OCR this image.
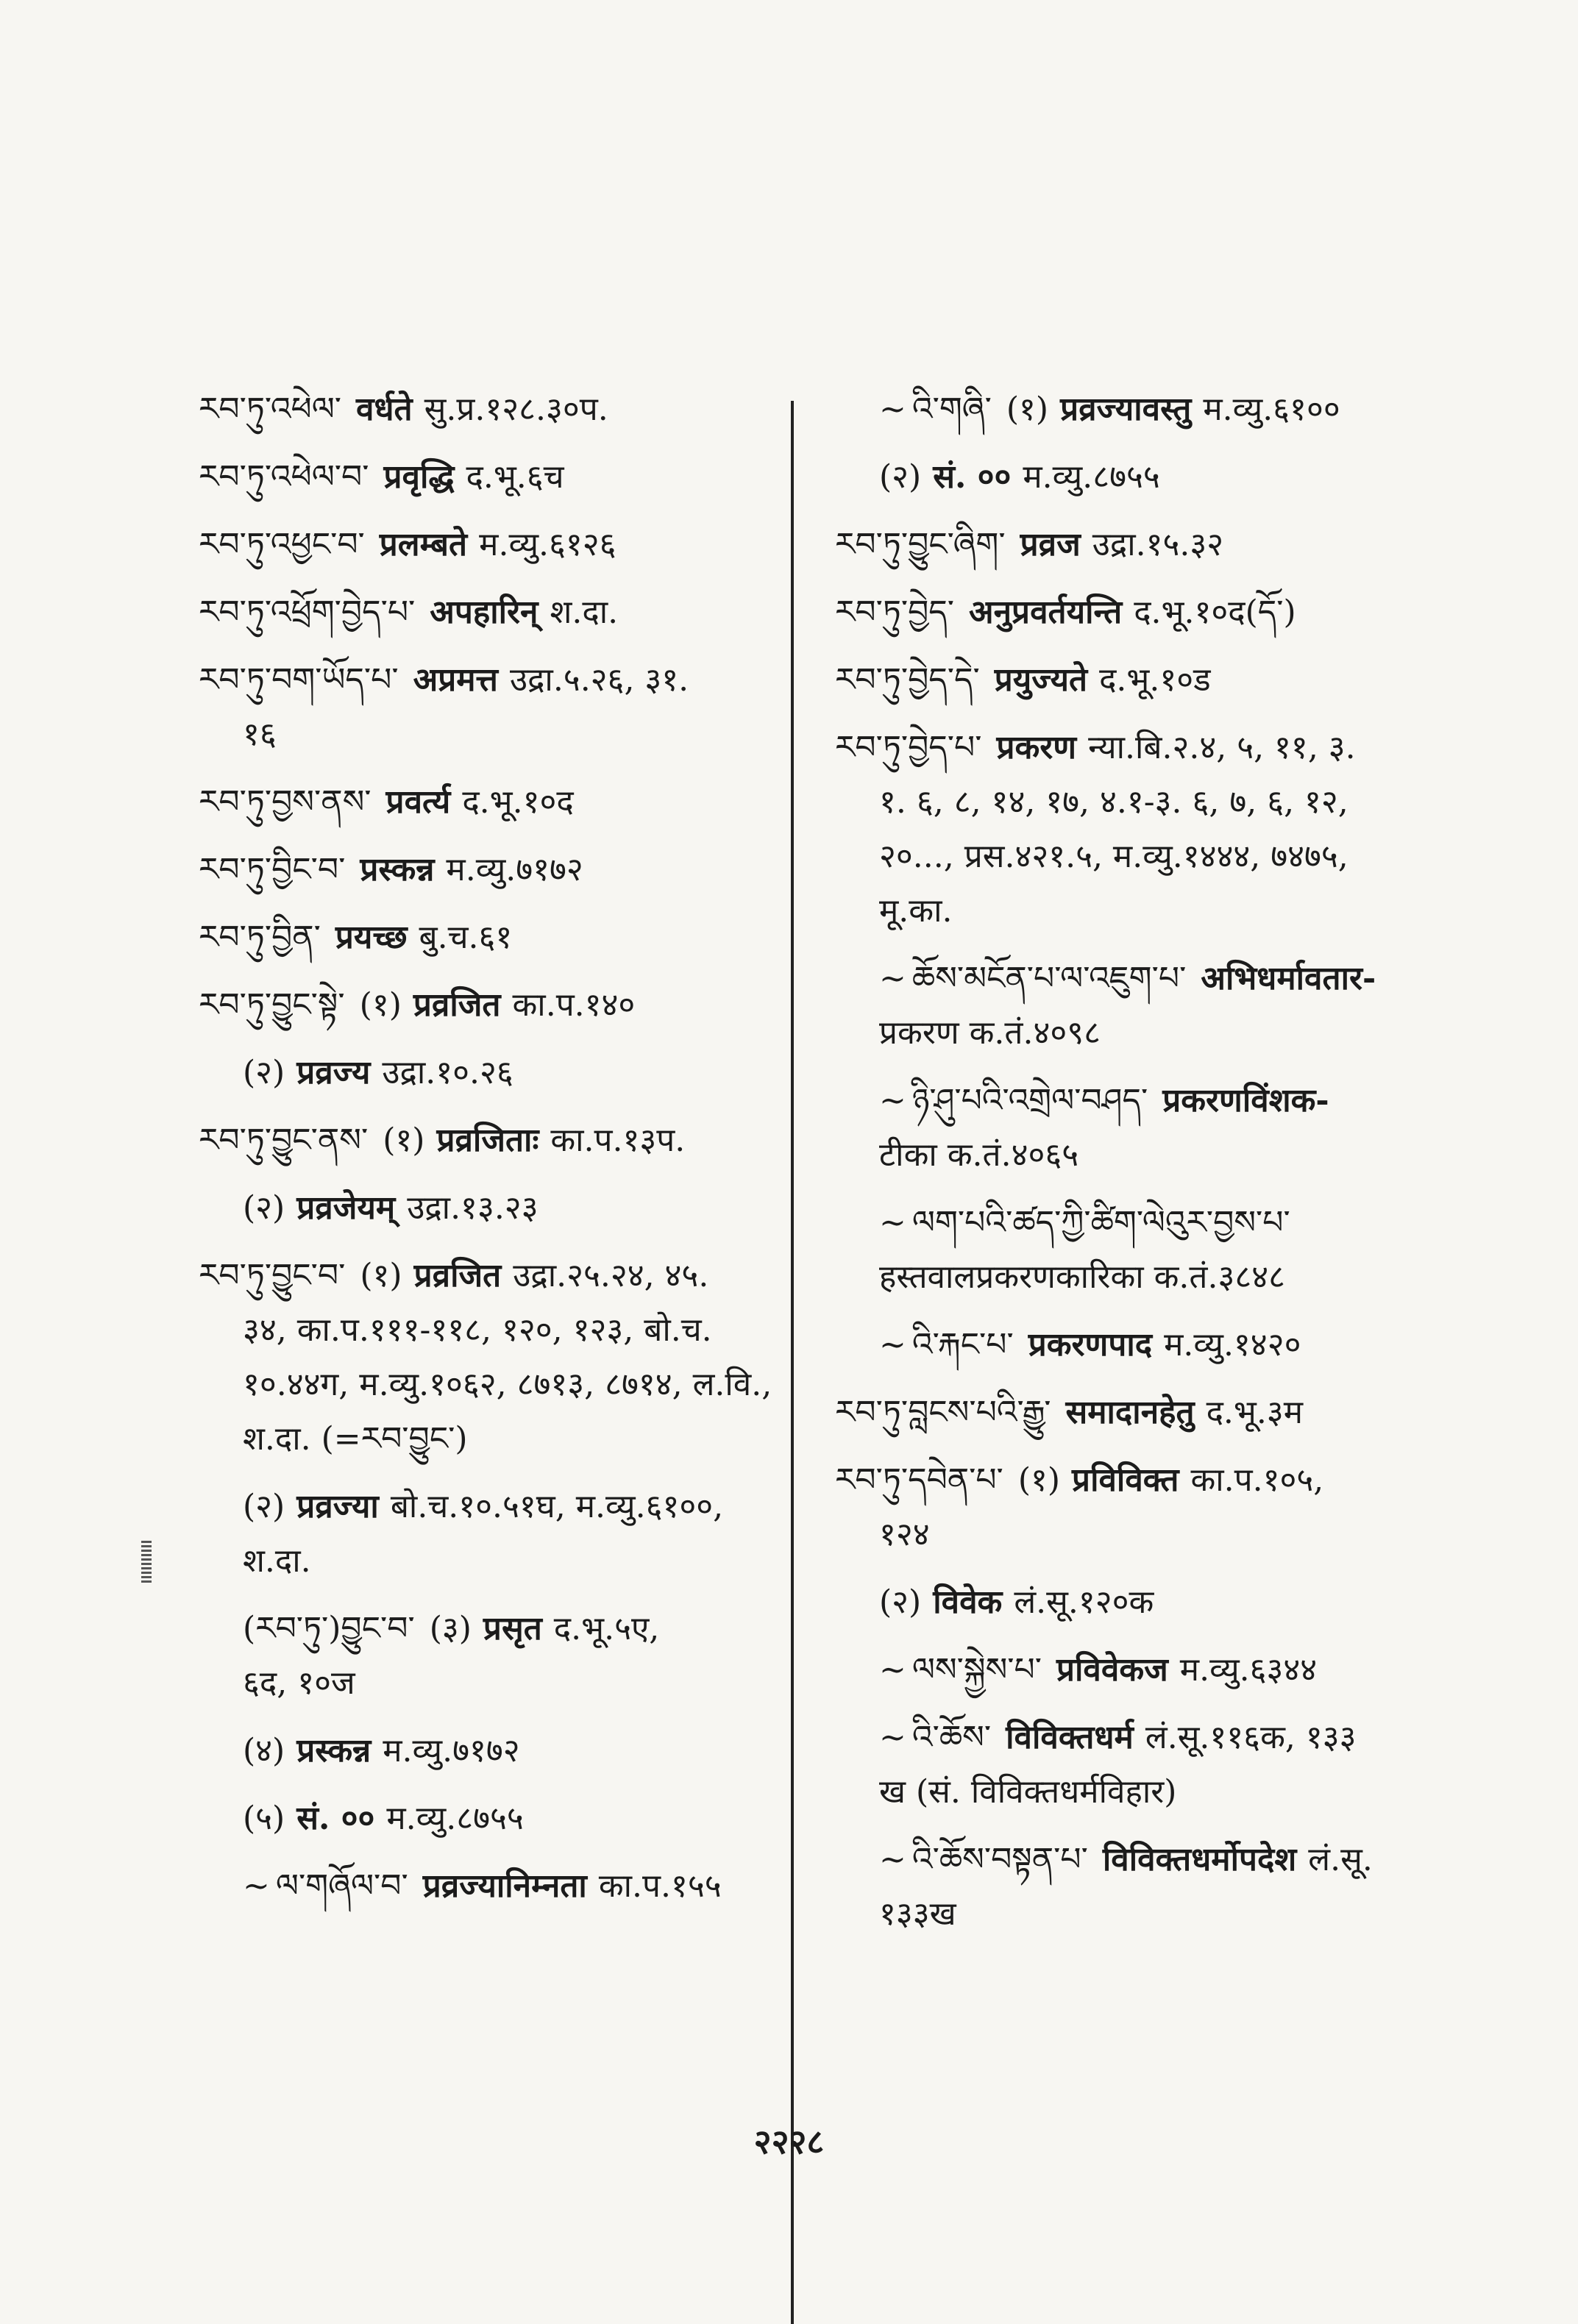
རབ་ཏུ་འཕེལ་ वर्धते सु.प्र.१२८.३०प.
རབ་ཏུ་འཕེལ་བ་ प्रवृद्धि द.भू.६च
རབ་ཏུ་འཕྱང་བ་ प्रलम्बते म.व्यु.६१२६
རབ་ཏུ་འཕྲོག་བྱེད་པ་ अपहारिन् श.दा.
རབ་ཏུ་བག་ཡོད་པ་ अप्रमत्त उद्रा.५.२६, ३१.
१६
རབ་ཏུ་བྱས་ནས་ प्रवर्त्य द.भू.१०द
རབ་ཏུ་བྱིང་བ་ प्रस्कन्न म.व्यु.७१७२
རབ་ཏུ་བྱིན་ प्रयच्छ बु.च.६१
རབ་ཏུ་བྱུང་སྟེ་ (१) प्रव्रजित का.प.१४०
(२) प्रव्रज्य उद्रा.१०.२६
རབ་ཏུ་བྱུང་ནས་ (१) प्रव्रजिताः का.प.१३प.
(२) प्रव्रजेयम् उद्रा.१३.२३
རབ་ཏུ་བྱུང་བ་ (१) प्रव्रजित उद्रा.२५.२४, ४५.
३४, का.प.१११-११८, १२०, १२३, बो.च. १०.४४ग, म.व्यु.१०६२, ८७१३, ८७१४, ल.वि., श.दा. (=རབ་བྱུང་)
(२) प्रव्रज्या बो.च.१०.५१घ, म.व्यु.६१००,
श.दा.
(རབ་ཏུ་)བྱུང་བ་ (३) प्रसृत द.भू.५ए,
६द, १०ज
(४) प्रस्कन्न म.व्यु.७१७२
(५) सं. ०० म.व्यु.८७५५
~ ལ་གཞོལ་བ་ प्रव्रज्यानिम्नता का.प.१५५
~ འི་གཞི་ (१) प्रव्रज्यावस्तु म.व्यु.६१००
(२) सं. ०० म.व्यु.८७५५
རབ་ཏུ་བྱུང་ཞིག་ प्रव्रज उद्रा.१५.३२
རབ་ཏུ་བྱེད་ अनुप्रवर्तयन्ति द.भू.१०द(དོ་)
རབ་ཏུ་བྱེད་དེ་ प्रयुज्यते द.भू.१०ड
རབ་ཏུ་བྱེད་པ་ प्रकरण न्या.बि.२.४, ५, ११, ३.
१. ६, ८, १४, १७, ४.१-३. ६, ७, ६, १२, २०..., प्रस.४२१.५, म.व्यु.१४४४, ७४७५, मू.का.
~ ཆོས་མངོན་པ་ལ་འཇུག་པ་ अभिधर्मावतार-
प्रकरण क.तं.४०९८
~ ཉི་ཤུ་པའི་འགྲེལ་བཤད་ प्रकरणविंशक-
टीका क.तं.४०६५
~ ལག་པའི་ཚད་ཀྱི་ཚིག་ལེའུར་བྱས་པ་
हस्तवालप्रकरणकारिका क.तं.३८४८
~ འི་རྐང་པ་ प्रकरणपाद म.व्यु.१४२०
རབ་ཏུ་བླངས་པའི་རྒྱུ་ समादानहेतु द.भू.३म
རབ་ཏུ་དབེན་པ་ (१) प्रविविक्त का.प.१०५,
१२४
(२) विवेक लं.सू.१२०क
~ ལས་སྐྱེས་པ་ प्रविवेकज म.व्यु.६३४४
~ འི་ཆོས་ विविक्तधर्म लं.सू.११६क, १३३
ख (सं. विविक्तधर्मविहार)
~ འི་ཆོས་བསྟན་པ་ विविक्तधर्मोपदेश लं.सू.
१३३ख
२२२८
